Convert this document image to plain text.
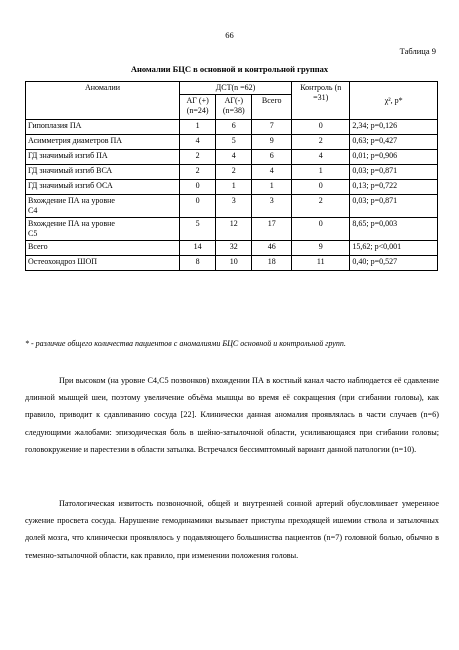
66
Таблица 9
Аномалии БЦС в основной и контрольной группах
Аномалии	ДСТ(n =62)			Контроль (n =31)	χ², p*
	АГ (+) (n=24)	АГ(-) (n=38)	Всего		
Гипоплазия ПА	1	6	7	0	2,34; p=0,126
Асимметрия диаметров ПА	4	5	9	2	0,63; p=0,427
ГД значимый изгиб ПА	2	4	6	4	0,01; p=0,906
ГД значимый изгиб ВСА	2	2	4	1	0,03; p=0,871
ГД значимый изгиб ОСА	0	1	1	0	0,13; p=0,722

Вхождение ПА на уровне
С4	0	3	3	2	0,03; p=0,871

Вхождение ПА на уровне
С5	5	12	17	0	8,65; p=0,003
Всего	14	32	46	9	15,62; p<0,001
Остеохондроз ШОП	8	10	18	11	0,40; p=0,527
* - различие общего количества пациентов с аномалиями БЦС основной и контрольной групп.

При высоком (на уровне С4,С5 позвонков) вхождении ПА в костный канал часто наблюдается её сдавление длинной мышцей шеи, поэтому увеличение объёма мышцы во время её сокращения (при сгибании головы), как правило, приводит к сдавливанию сосуда [22]. Клинически данная аномалия проявлялась в части случаев (n=6) следующими жалобами: эпизодическая боль в шейно-затылочной области, усиливающаяся при сгибании головы; головокружение и парестезии в области затылка. Встречался бессимптомный вариант данной патологии (n=10).

Патологическая извитость позвоночной, общей и внутренней сонной артерий обусловливает умеренное сужение просвета сосуда. Нарушение гемодинамики вызывает приступы преходящей ишемии ствола и затылочных долей мозга, что клинически проявлялось у подавляющего большинства пациентов (n=7) головной болью, обычно в теменно-затылочной области, как правило, при изменении положения головы.
